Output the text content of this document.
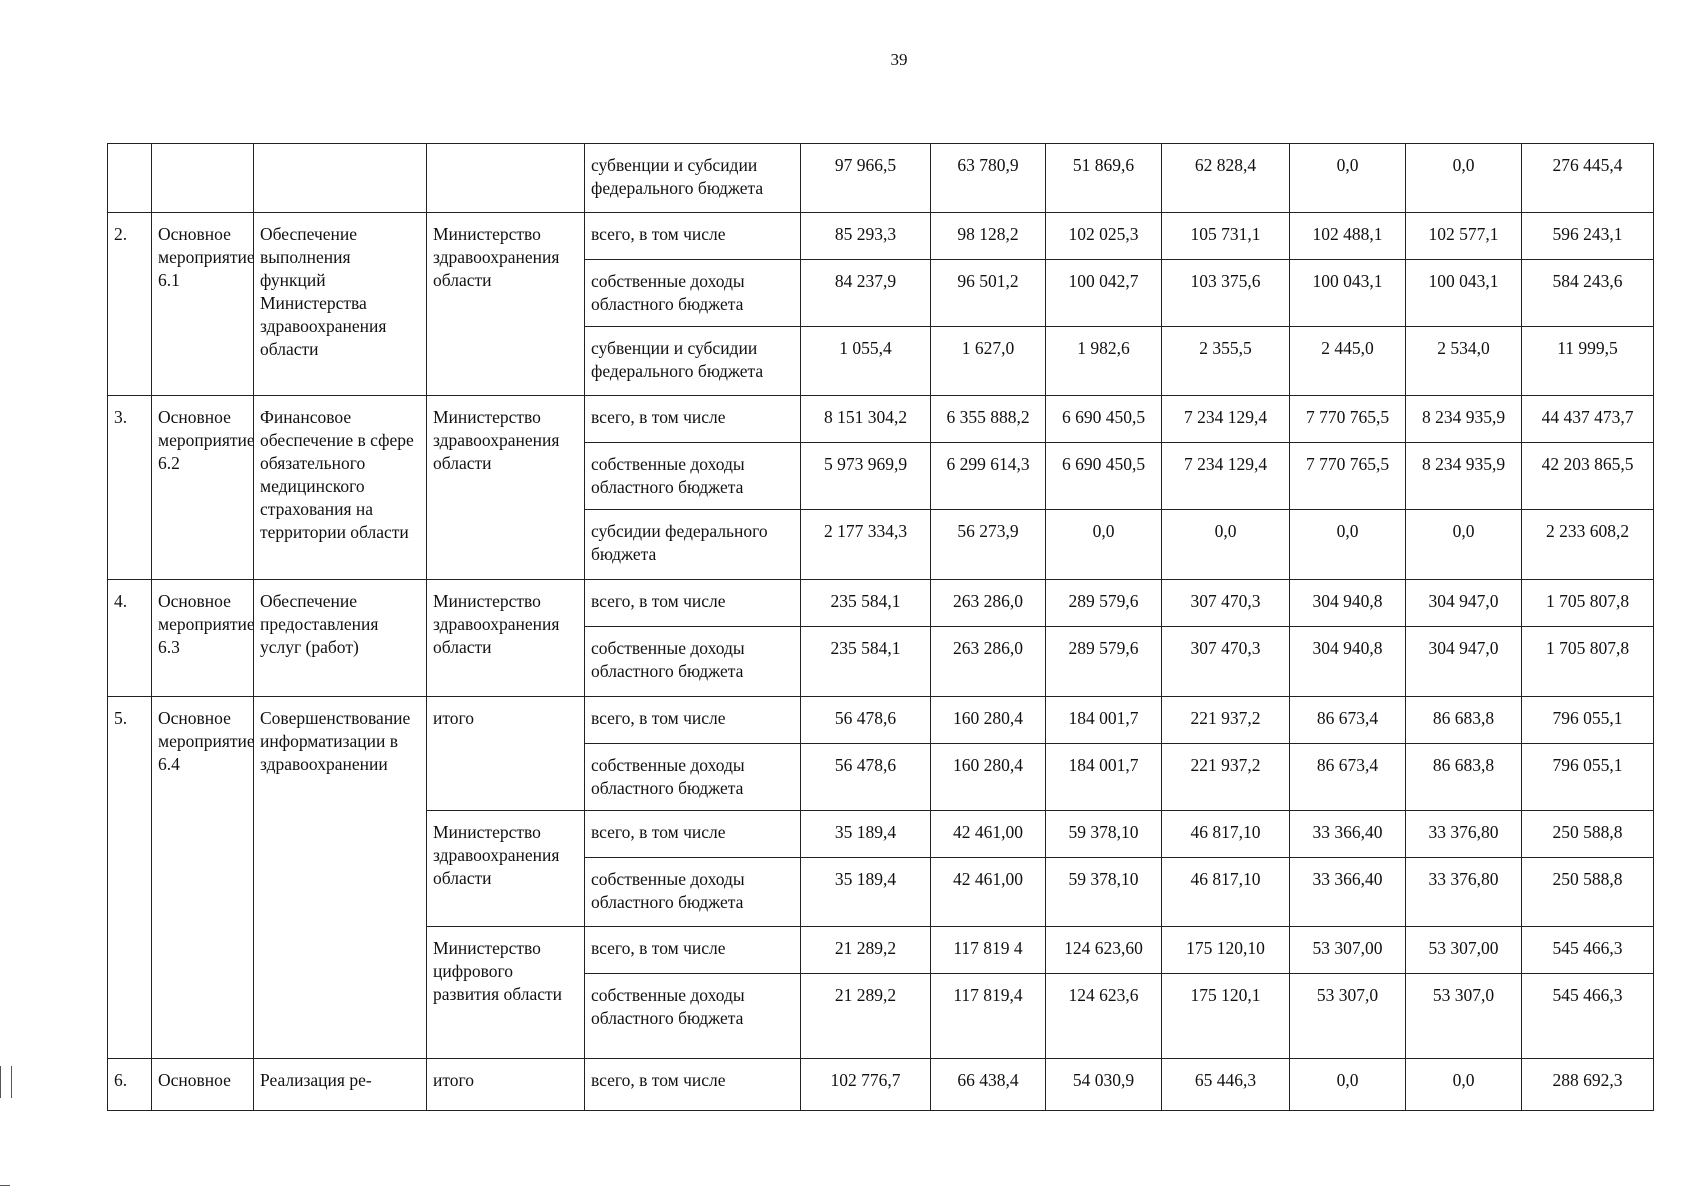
39
				субвенции и субсидии федерального бюджета	97 966,5	63 780,9	51 869,6	62 828,4	0,0	0,0	276 445,4
2.	Основное мероприятие 6.1	Обеспечение выполнения функций Министерства здравоохранения области	Министерство здравоохранения области	всего, в том числе	85 293,3	98 128,2	102 025,3	105 731,1	102 488,1	102 577,1	596 243,1
				собственные доходы областного бюджета	84 237,9	96 501,2	100 042,7	103 375,6	100 043,1	100 043,1	584 243,6
				субвенции и субсидии федерального бюджета	1 055,4	1 627,0	1 982,6	2 355,5	2 445,0	2 534,0	11 999,5
3.	Основное мероприятие 6.2	Финансовое обеспечение в сфере обязательного медицинского страхования на территории области	Министерство здравоохранения области	всего, в том числе	8 151 304,2	6 355 888,2	6 690 450,5	7 234 129,4	7 770 765,5	8 234 935,9	44 437 473,7
				собственные доходы областного бюджета	5 973 969,9	6 299 614,3	6 690 450,5	7 234 129,4	7 770 765,5	8 234 935,9	42 203 865,5
				субсидии федерального бюджета	2 177 334,3	56 273,9	0,0	0,0	0,0	0,0	2 233 608,2
4.	Основное мероприятие 6.3	Обеспечение предоставления услуг (работ)	Министерство здравоохранения области	всего, в том числе	235 584,1	263 286,0	289 579,6	307 470,3	304 940,8	304 947,0	1 705 807,8
				собственные доходы областного бюджета	235 584,1	263 286,0	289 579,6	307 470,3	304 940,8	304 947,0	1 705 807,8
5.	Основное мероприятие 6.4	Совершенствование информатизации в здравоохранении	итого	всего, в том числе	56 478,6	160 280,4	184 001,7	221 937,2	86 673,4	86 683,8	796 055,1
				собственные доходы областного бюджета	56 478,6	160 280,4	184 001,7	221 937,2	86 673,4	86 683,8	796 055,1
			Министерство здравоохранения области	всего, в том числе	35 189,4	42 461,00	59 378,10	46 817,10	33 366,40	33 376,80	250 588,8
				собственные доходы областного бюджета	35 189,4	42 461,00	59 378,10	46 817,10	33 366,40	33 376,80	250 588,8
			Министерство цифрового развития области	всего, в том числе	21 289,2	117 819 4	124 623,60	175 120,10	53 307,00	53 307,00	545 466,3
				собственные доходы областного бюджета	21 289,2	117 819,4	124 623,6	175 120,1	53 307,0	53 307,0	545 466,3
6.	Основное	Реализация ре-	итого	всего, в том числе	102 776,7	66 438,4	54 030,9	65 446,3	0,0	0,0	288 692,3
